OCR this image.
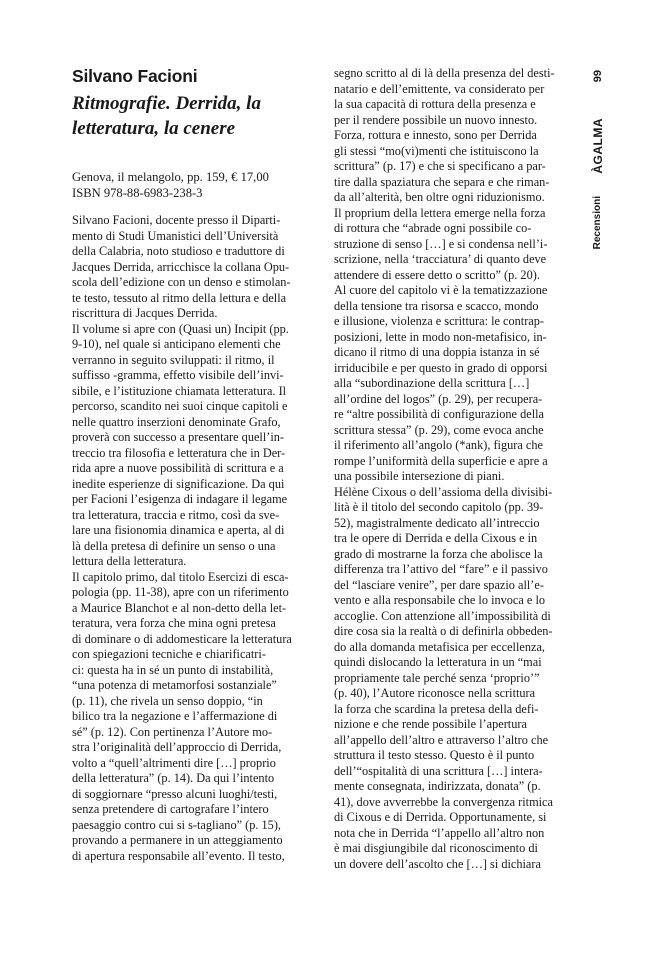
Silvano Facioni
Ritmografie. Derrida, la
letteratura, la cenere
Genova, il melangolo, pp. 159, € 17,00
ISBN 978-88-6983-238-3

Silvano Facioni, docente presso il Diparti-

mento di Studi Umanistici dell’Università

della Calabria, noto studioso e traduttore di

Jacques Derrida, arricchisce la collana Opu-

scola dell’edizione con un denso e stimolan-

te testo, tessuto al ritmo della lettura e della

riscrittura di Jacques Derrida.

Il volume si apre con (Quasi un) Incipit (pp.

9-10), nel quale si anticipano elementi che

verranno in seguito sviluppati: il ritmo, il

suffisso -gramma, effetto visibile dell’invi-

sibile, e l’istituzione chiamata letteratura. Il

percorso, scandito nei suoi cinque capitoli e

nelle quattro inserzioni denominate Grafo,

proverà con successo a presentare quell’in-

treccio tra filosofia e letteratura che in Der-

rida apre a nuove possibilità di scrittura e a

inedite esperienze di significazione. Da qui

per Facioni l’esigenza di indagare il legame

tra letteratura, traccia e ritmo, così da sve-

lare una fisionomia dinamica e aperta, al di

là della pretesa di definire un senso o una

lettura della letteratura.

Il capitolo primo, dal titolo Esercizi di esca-

pologia (pp. 11-38), apre con un riferimento

a Maurice Blanchot e al non-detto della let-

teratura, vera forza che mina ogni pretesa

di dominare o di addomesticare la letteratura

con spiegazioni tecniche e chiarificatri-

ci: questa ha in sé un punto di instabilità,

“una potenza di metamorfosi sostanziale”

(p. 11), che rivela un senso doppio, “in

bilico tra la negazione e l’affermazione di

sé” (p. 12). Con pertinenza l’Autore mo-

stra l’originalità dell’approccio di Derrida,

volto a “quell’altrimenti dire […] proprio

della letteratura” (p. 14). Da qui l’intento

di soggiornare “presso alcuni luoghi/testi,

senza pretendere di cartografare l’intero

paesaggio contro cui si s-tagliano” (p. 15),

provando a permanere in un atteggiamento

di apertura responsabile all’evento. Il testo,

segno scritto al di là della presenza del desti-

natario e dell’emittente, va considerato per

la sua capacità di rottura della presenza e

per il rendere possibile un nuovo innesto.

Forza, rottura e innesto, sono per Derrida

gli stessi “mo(vi)menti che istituiscono la

scrittura” (p. 17) e che si specificano a par-

tire dalla spaziatura che separa e che riman-

da all’alterità, ben oltre ogni riduzionismo.

Il proprium della lettera emerge nella forza

di rottura che “abrade ogni possibile co-

struzione di senso […] e si condensa nell’i-

scrizione, nella ‘tracciatura’ di quanto deve

attendere di essere detto o scritto” (p. 20).

Al cuore del capitolo vi è la tematizzazione

della tensione tra risorsa e scacco, mondo

e illusione, violenza e scrittura: le contrap-

posizioni, lette in modo non-metafisico, in-

dicano il ritmo di una doppia istanza in sé

irriducibile e per questo in grado di opporsi

alla “subordinazione della scrittura […]

all’ordine del logos” (p. 29), per recupera-

re “altre possibilità di configurazione della

scrittura stessa” (p. 29), come evoca anche

il riferimento all’angolo (*ank), figura che

rompe l’uniformità della superficie e apre a

una possibile intersezione di piani.

Hélène Cixous o dell’assioma della divisibi-

lità è il titolo del secondo capitolo (pp. 39-

52), magistralmente dedicato all’intreccio

tra le opere di Derrida e della Cixous e in

grado di mostrarne la forza che abolisce la

differenza tra l’attivo del “fare” e il passivo

del “lasciare venire”, per dare spazio all’e-

vento e alla responsabile che lo invoca e lo

accoglie. Con attenzione all’impossibilità di

dire cosa sia la realtà o di definirla obbeden-

do alla domanda metafisica per eccellenza,

quindi dislocando la letteratura in un “mai

propriamente tale perché senza ‘proprio’”

(p. 40), l’Autore riconosce nella scrittura

la forza che scardina la pretesa della defi-

nizione e che rende possibile l’apertura

all’appello dell’altro e attraverso l’altro che

struttura il testo stesso. Questo è il punto

dell’“ospitalità di una scrittura […] intera-

mente consegnata, indirizzata, donata” (p.

41), dove avverrebbe la convergenza ritmica

di Cixous e di Derrida. Opportunamente, si

nota che in Derrida “l’appello all’altro non

è mai disgiungibile dal riconoscimento di

un dovere dell’ascolto che […] si dichiara

99
ÀGALMA
Recensioni
